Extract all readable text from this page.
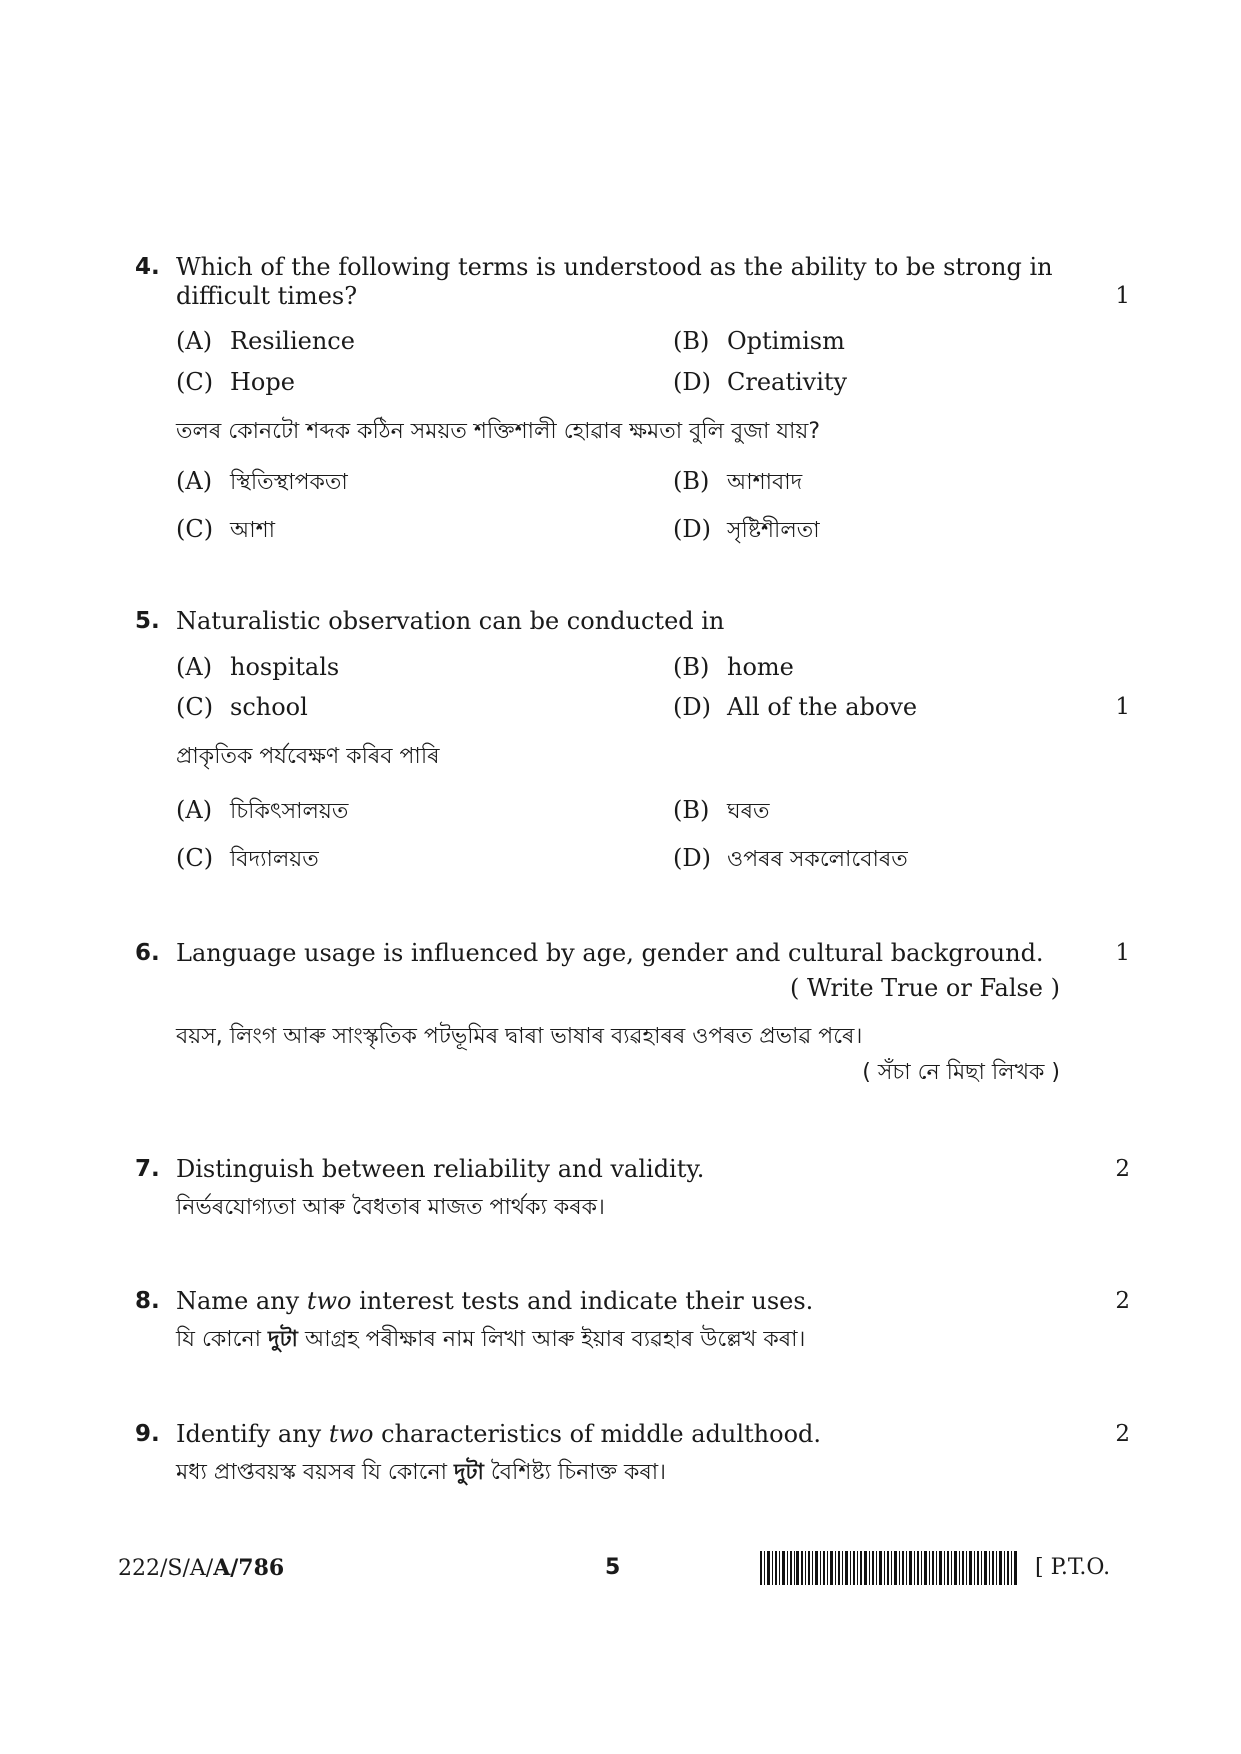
4. Which of the following terms is understood as the ability to be strong in
difficult times?	1
(A) Resilience	(B) Optimism
(C) Hope	(D) Creativity
তলৰ কোনটো শব্দক কঠিন সময়ত শক্তিশালী হোৱাৰ ক্ষমতা বুলি বুজা যায়?
(A) স্থিতিস্থাপকতা	(B) আশাবাদ
(C) আশা	(D) সৃষ্টিশীলতা
5. Naturalistic observation can be conducted in
(A) hospitals	(B) home
(C) school	(D) All of the above	1
প্ৰাকৃতিক পৰ্যবেক্ষণ কৰিব পাৰি
(A) চিকিৎসালয়ত	(B) ঘৰত
(C) বিদ্যালয়ত	(D) ওপৰৰ সকলোবোৰত
6. Language usage is influenced by age, gender and cultural background.	1
( Write True or False )
বয়স, লিংগ আৰু সাংস্কৃতিক পটভূমিৰ দ্বাৰা ভাষাৰ ব্যৱহাৰৰ ওপৰত প্ৰভাৱ পৰে।
( সঁচা নে মিছা লিখক )
7. Distinguish between reliability and validity.	2
নিৰ্ভৰযোগ্যতা আৰু বৈধতাৰ মাজত পাৰ্থক্য কৰক।
8. Name any two interest tests and indicate their uses.	2
যি কোনো দুটা আগ্ৰহ পৰীক্ষাৰ নাম লিখা আৰু ইয়াৰ ব্যৱহাৰ উল্লেখ কৰা।
9. Identify any two characteristics of middle adulthood.	2
মধ্য প্ৰাপ্তবয়স্ক বয়সৰ যি কোনো দুটা বৈশিষ্ট্য চিনাক্ত কৰা।
222/S/A/A/786	5	[ P.T.O.
